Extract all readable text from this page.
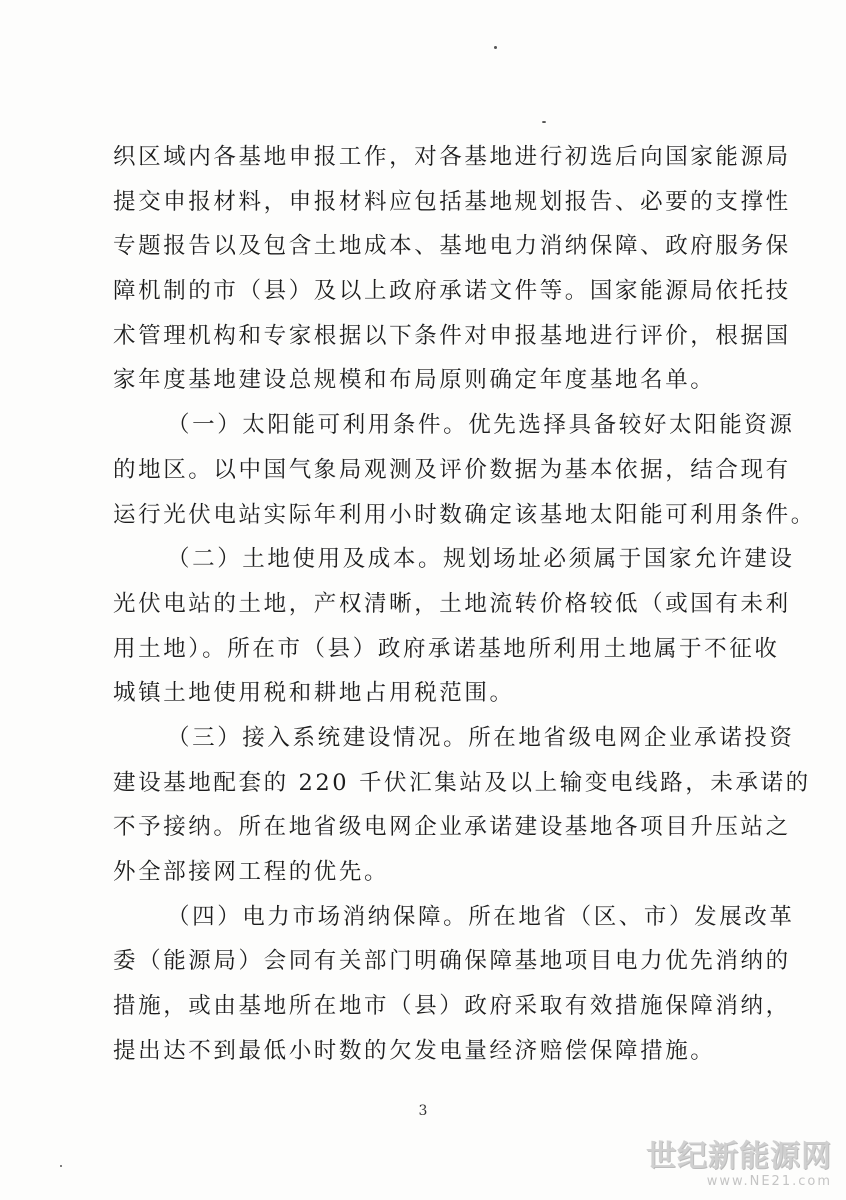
织区域内各基地申报工作，对各基地进行初选后向国家能源局
提交申报材料，申报材料应包括基地规划报告、必要的支撑性
专题报告以及包含土地成本、基地电力消纳保障、政府服务保
障机制的市（县）及以上政府承诺文件等。国家能源局依托技
术管理机构和专家根据以下条件对申报基地进行评价，根据国
家年度基地建设总规模和布局原则确定年度基地名单。
（一）太阳能可利用条件。优先选择具备较好太阳能资源
的地区。以中国气象局观测及评价数据为基本依据，结合现有
运行光伏电站实际年利用小时数确定该基地太阳能可利用条件。
（二）土地使用及成本。规划场址必须属于国家允许建设
光伏电站的土地，产权清晰，土地流转价格较低（或国有未利
用土地）。所在市（县）政府承诺基地所利用土地属于不征收
城镇土地使用税和耕地占用税范围。
（三）接入系统建设情况。所在地省级电网企业承诺投资
建设基地配套的 220 千伏汇集站及以上输变电线路，未承诺的
不予接纳。所在地省级电网企业承诺建设基地各项目升压站之
外全部接网工程的优先。
（四）电力市场消纳保障。所在地省（区、市）发展改革
委（能源局）会同有关部门明确保障基地项目电力优先消纳的
措施，或由基地所在地市（县）政府采取有效措施保障消纳，
提出达不到最低小时数的欠发电量经济赔偿保障措施。
3
世纪新能源网
www.NE21.com
